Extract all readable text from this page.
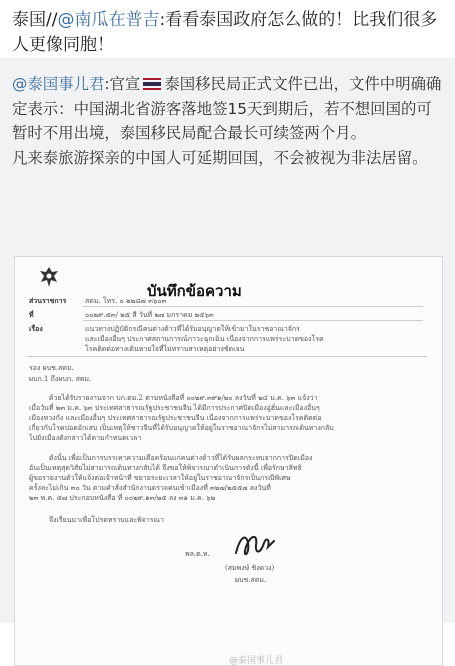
泰国//@南瓜在普吉:看看泰国政府怎么做的！比我们很多人更像同胞！
@泰国事儿君:官宣 泰国移民局正式文件已出，文件中明确确定表示：中国湖北省游客落地签15天到期后，若不想回国的可暂时不用出境，泰国移民局配合最长可续签两个月。
凡来泰旅游探亲的中国人可延期回国，不会被视为非法居留。
บันทึกข้อความ
ส่วนราชการ	สตม. โทร. ๐ ๒๒๘๗ ๓๖๐๓
ที่	๐๐๒๙.๕๓/ ๒๕ สี วันที่ ๒๗ มกราคม ๒๕๖๓
เรื่อง	แนวทางปฏิบัติกรณีคนต่างด้าวที่ได้รับอนุญาตให้เข้ามาในราชอาณาจักร
และเมืองอื่นๆ ประกาศสถานการณ์ภาวะฉุกเฉิน เนื่องจากการแพร่ระบาดของโรค
โรคติดต่อทางเดินหายใจที่ไม่ทราบสาเหตุอย่างชัดเจน
รอง ผบช.สตม.
ผบก.1 ถึงผบก. สตม.
ด้วยได้รับรายงานจาก บก.ตม.2 ตามหนังสือที่ ๐๐๒๙.๓๙๑/๒๐ ลงวันที่ ๒๔ ม.ค. ๖๓ แจ้งว่า
เมื่อวันที่ ๒๓ ม.ค. ๖๓ ประเทศสาธารณรัฐประชาชนจีน ได้มีการประกาศปิดเมืองอู่ฮั่นและเมืองอื่นๆ
เมืองหวงกัง และเมืองอื่นๆ ประเทศสาธารณรัฐประชาชนจีน เนื่องจากการแพร่ระบาดของโรคติดต่อ
เกี่ยวกับโรคปอดอักเสบ เป็นเหตุให้ชาวจีนที่ได้รับอนุญาตให้อยู่ในราชอาณาจักรไม่สามารถเดินทางกลับ
ไปยังเมืองดังกล่าวได้ตามกำหนดเวลา
ดังนั้น เพื่อเป็นการบรรเทาความเดือดร้อนแก่คนต่างด้าวที่ได้รับผลกระทบจากการปิดเมือง
อันเป็นเหตุสุดวิสัยไม่สามารถเดินทางกลับได้ จึงขอให้พิจารณาดำเนินการดังนี้ เพื่อรักษาสิทธิ
ผู้ขอรายงานตัวให้แจ้งต่อเจ้าหน้าที่ ขยายระยะเวลาให้อยู่ในราชอาณาจักรเป็นกรณีพิเศษ
ครั้งละไม่เกิน ๓๐ วัน ตามคำสั่งสำนักงานตรวจคนเข้าเมืองที่ ๓๒๗/๒๕๕๗ ลงวันที่
๒๓ พ.ค. ๕๗ ประกอบหนังสือ ที่ ๐๐๒๙.๑๓/๒๕ ลง ๓๑ ม.ค. ๖๒
จึงเรียนมาเพื่อโปรดทราบและพิจารณา
พล.ต.ท.
(สมพงษ์ ชิงดวง)
ผบช.สตม.
@泰国事儿君
